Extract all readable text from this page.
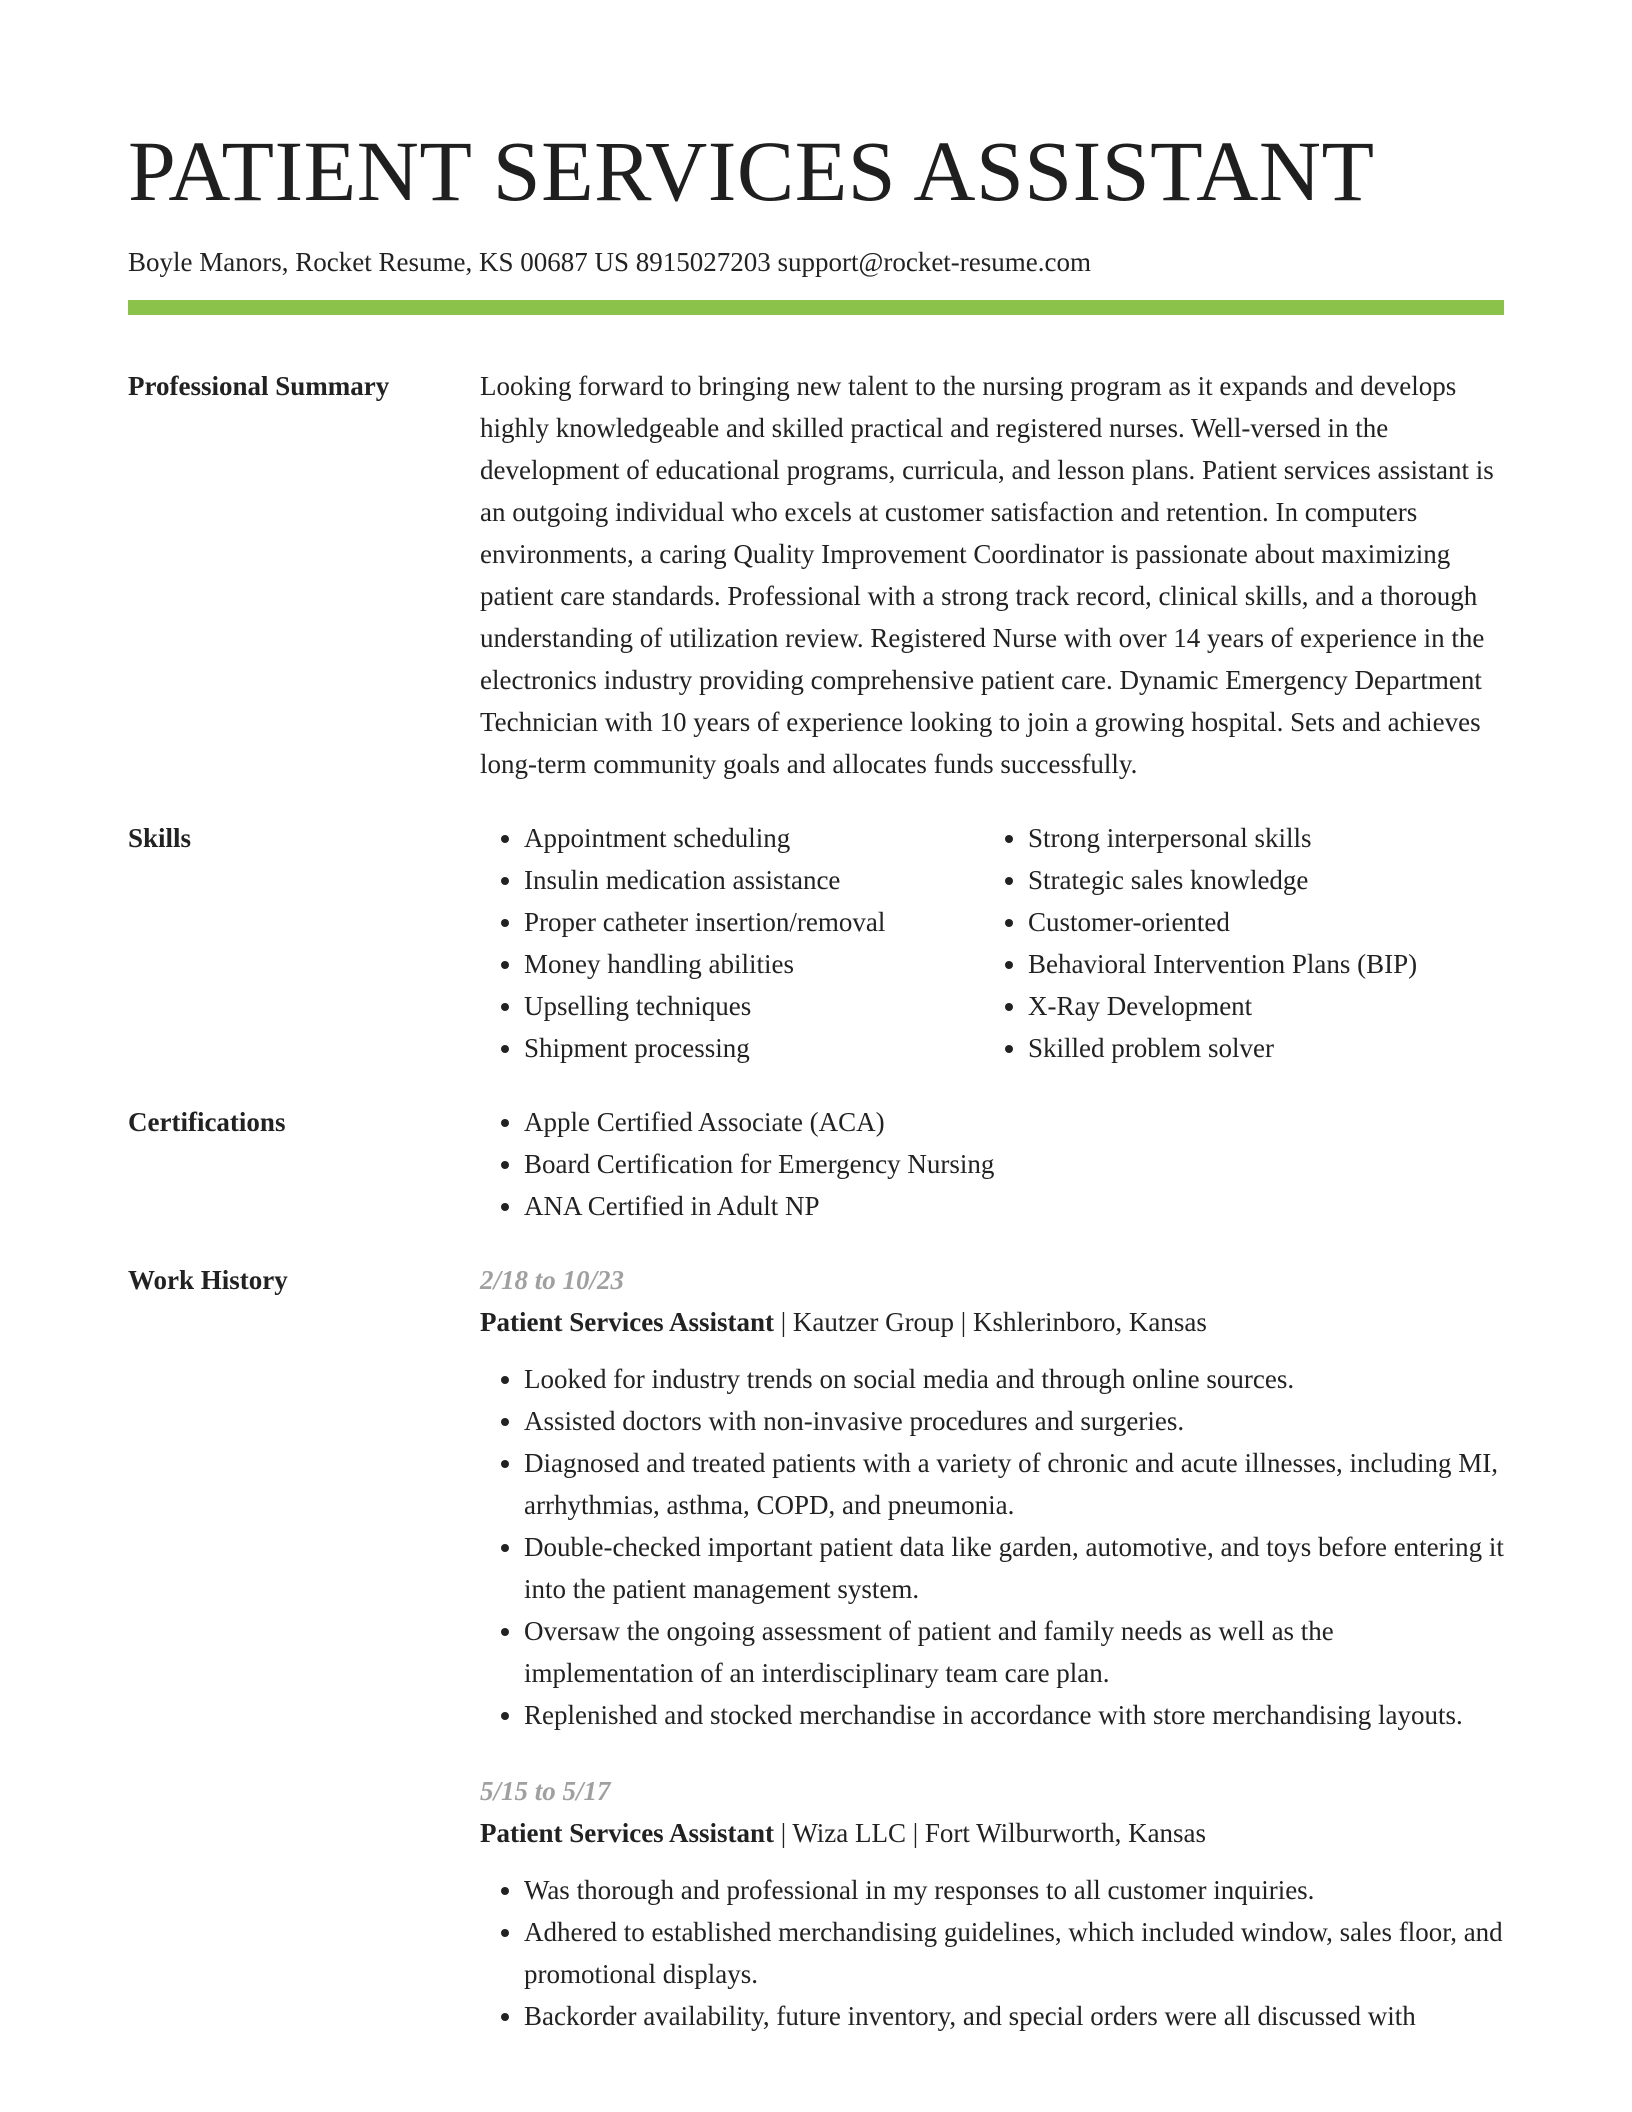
PATIENT SERVICES ASSISTANT
Boyle Manors, Rocket Resume, KS 00687 US 8915027203 support@rocket-resume.com
Professional Summary	Looking forward to bringing new talent to the nursing program as it expands and develops highly knowledgeable and skilled practical and registered nurses. Well-versed in the development of educational programs, curricula, and lesson plans. Patient services assistant is an outgoing individual who excels at customer satisfaction and retention. In computers environments, a caring Quality Improvement Coordinator is passionate about maximizing patient care standards. Professional with a strong track record, clinical skills, and a thorough understanding of utilization review. Registered Nurse with over 14 years of experience in the electronics industry providing comprehensive patient care. Dynamic Emergency Department Technician with 10 years of experience looking to join a growing hospital. Sets and achieves long-term community goals and allocates funds successfully.

Skills	• Appointment scheduling
• Insulin medication assistance
• Proper catheter insertion/removal
• Money handling abilities
• Upselling techniques
• Shipment processing
• Strong interpersonal skills
• Strategic sales knowledge
• Customer-oriented
• Behavioral Intervention Plans (BIP)
• X-Ray Development
• Skilled problem solver
Certifications	• Apple Certified Associate (ACA)
• Board Certification for Emergency Nursing
• ANA Certified in Adult NP
Work History	2/18 to 10/23
Patient Services Assistant | Kautzer Group | Kshlerinboro, Kansas
• Looked for industry trends on social media and through online sources.
• Assisted doctors with non-invasive procedures and surgeries.
• Diagnosed and treated patients with a variety of chronic and acute illnesses, including MI, arrhythmias, asthma, COPD, and pneumonia.
• Double-checked important patient data like garden, automotive, and toys before entering it into the patient management system.
• Oversaw the ongoing assessment of patient and family needs as well as the implementation of an interdisciplinary team care plan.
• Replenished and stocked merchandise in accordance with store merchandising layouts.
5/15 to 5/17
Patient Services Assistant | Wiza LLC | Fort Wilburworth, Kansas
• Was thorough and professional in my responses to all customer inquiries.
• Adhered to established merchandising guidelines, which included window, sales floor, and promotional displays.
• Backorder availability, future inventory, and special orders were all discussed with
